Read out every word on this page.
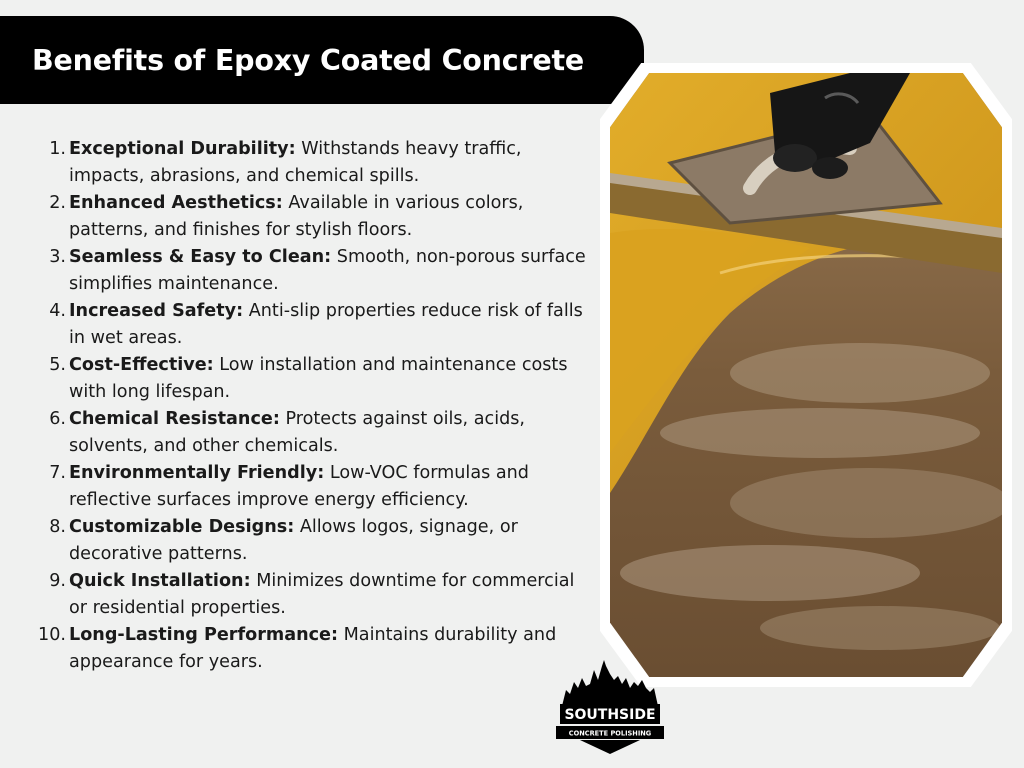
Benefits of Epoxy Coated Concrete
1. Exceptional Durability: Withstands heavy traffic, impacts, abrasions, and chemical spills.
2. Enhanced Aesthetics: Available in various colors, patterns, and finishes for stylish floors.
3. Seamless & Easy to Clean: Smooth, non-porous surface simplifies maintenance.
4. Increased Safety: Anti-slip properties reduce risk of falls in wet areas.
5. Cost-Effective: Low installation and maintenance costs with long lifespan.
6. Chemical Resistance: Protects against oils, acids, solvents, and other chemicals.
7. Environmentally Friendly: Low-VOC formulas and reflective surfaces improve energy efficiency.
8. Customizable Designs: Allows logos, signage, or decorative patterns.
9. Quick Installation: Minimizes downtime for commercial or residential properties.
10. Long-Lasting Performance: Maintains durability and appearance for years.
SOUTHSIDE
CONCRETE POLISHING
